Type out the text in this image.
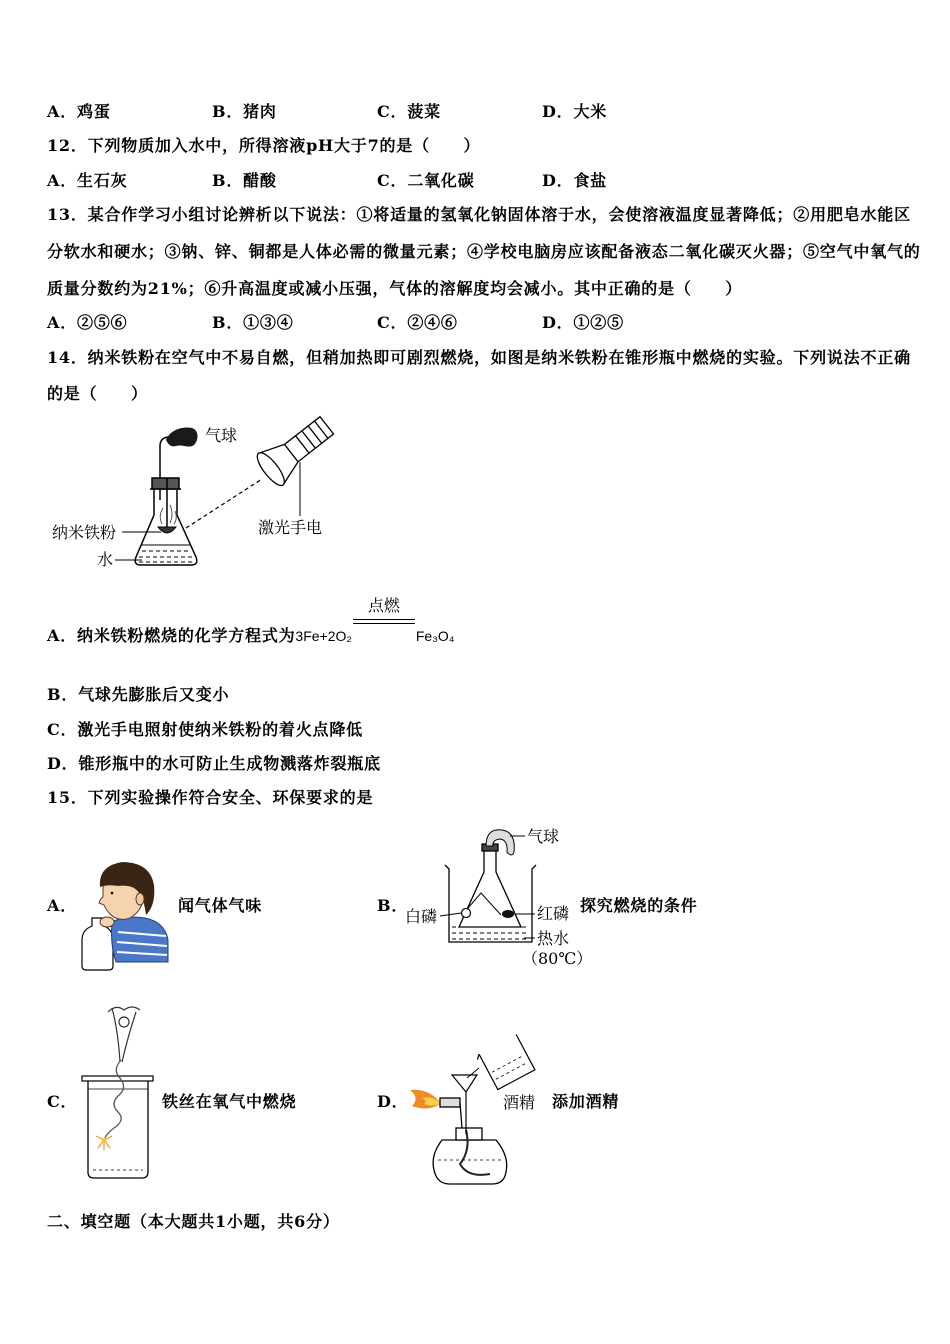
A．鸡蛋	B．猪肉	C．菠菜	D．大米
12．下列物质加入水中，所得溶液pH大于7的是（　　）
A．生石灰	B．醋酸	C．二氧化碳	D．食盐
13．某合作学习小组讨论辨析以下说法：①将适量的氢氧化钠固体溶于水，会使溶液温度显著降低；②用肥皂水能区
分软水和硬水；③钠、锌、铜都是人体必需的微量元素；④学校电脑房应该配备液态二氧化碳灭火器；⑤空气中氧气的
质量分数约为21%；⑥升高温度或减小压强，气体的溶解度均会减小。其中正确的是（　　）
A．②⑤⑥	B．①③④	C．②④⑥	D．①②⑤
14．纳米铁粉在空气中不易自燃，但稍加热即可剧烈燃烧，如图是纳米铁粉在锥形瓶中燃烧的实验。下列说法不正确
的是（　　）
气球
激光手电
纳米铁粉
水
A．纳米铁粉燃烧的化学方程式为3Fe+2O₂
点燃
Fe₃O₄
B．气球先膨胀后又变小
C．激光手电照射使纳米铁粉的着火点降低
D．锥形瓶中的水可防止生成物溅落炸裂瓶底
15．下列实验操作符合安全、环保要求的是
A．	闻气体气味	B．
气球
白磷	红磷
热水
（80℃）
探究燃烧的条件
C．	铁丝在氧气中燃烧	D．	酒精 添加酒精
二、填空题（本大题共1小题，共6分）
